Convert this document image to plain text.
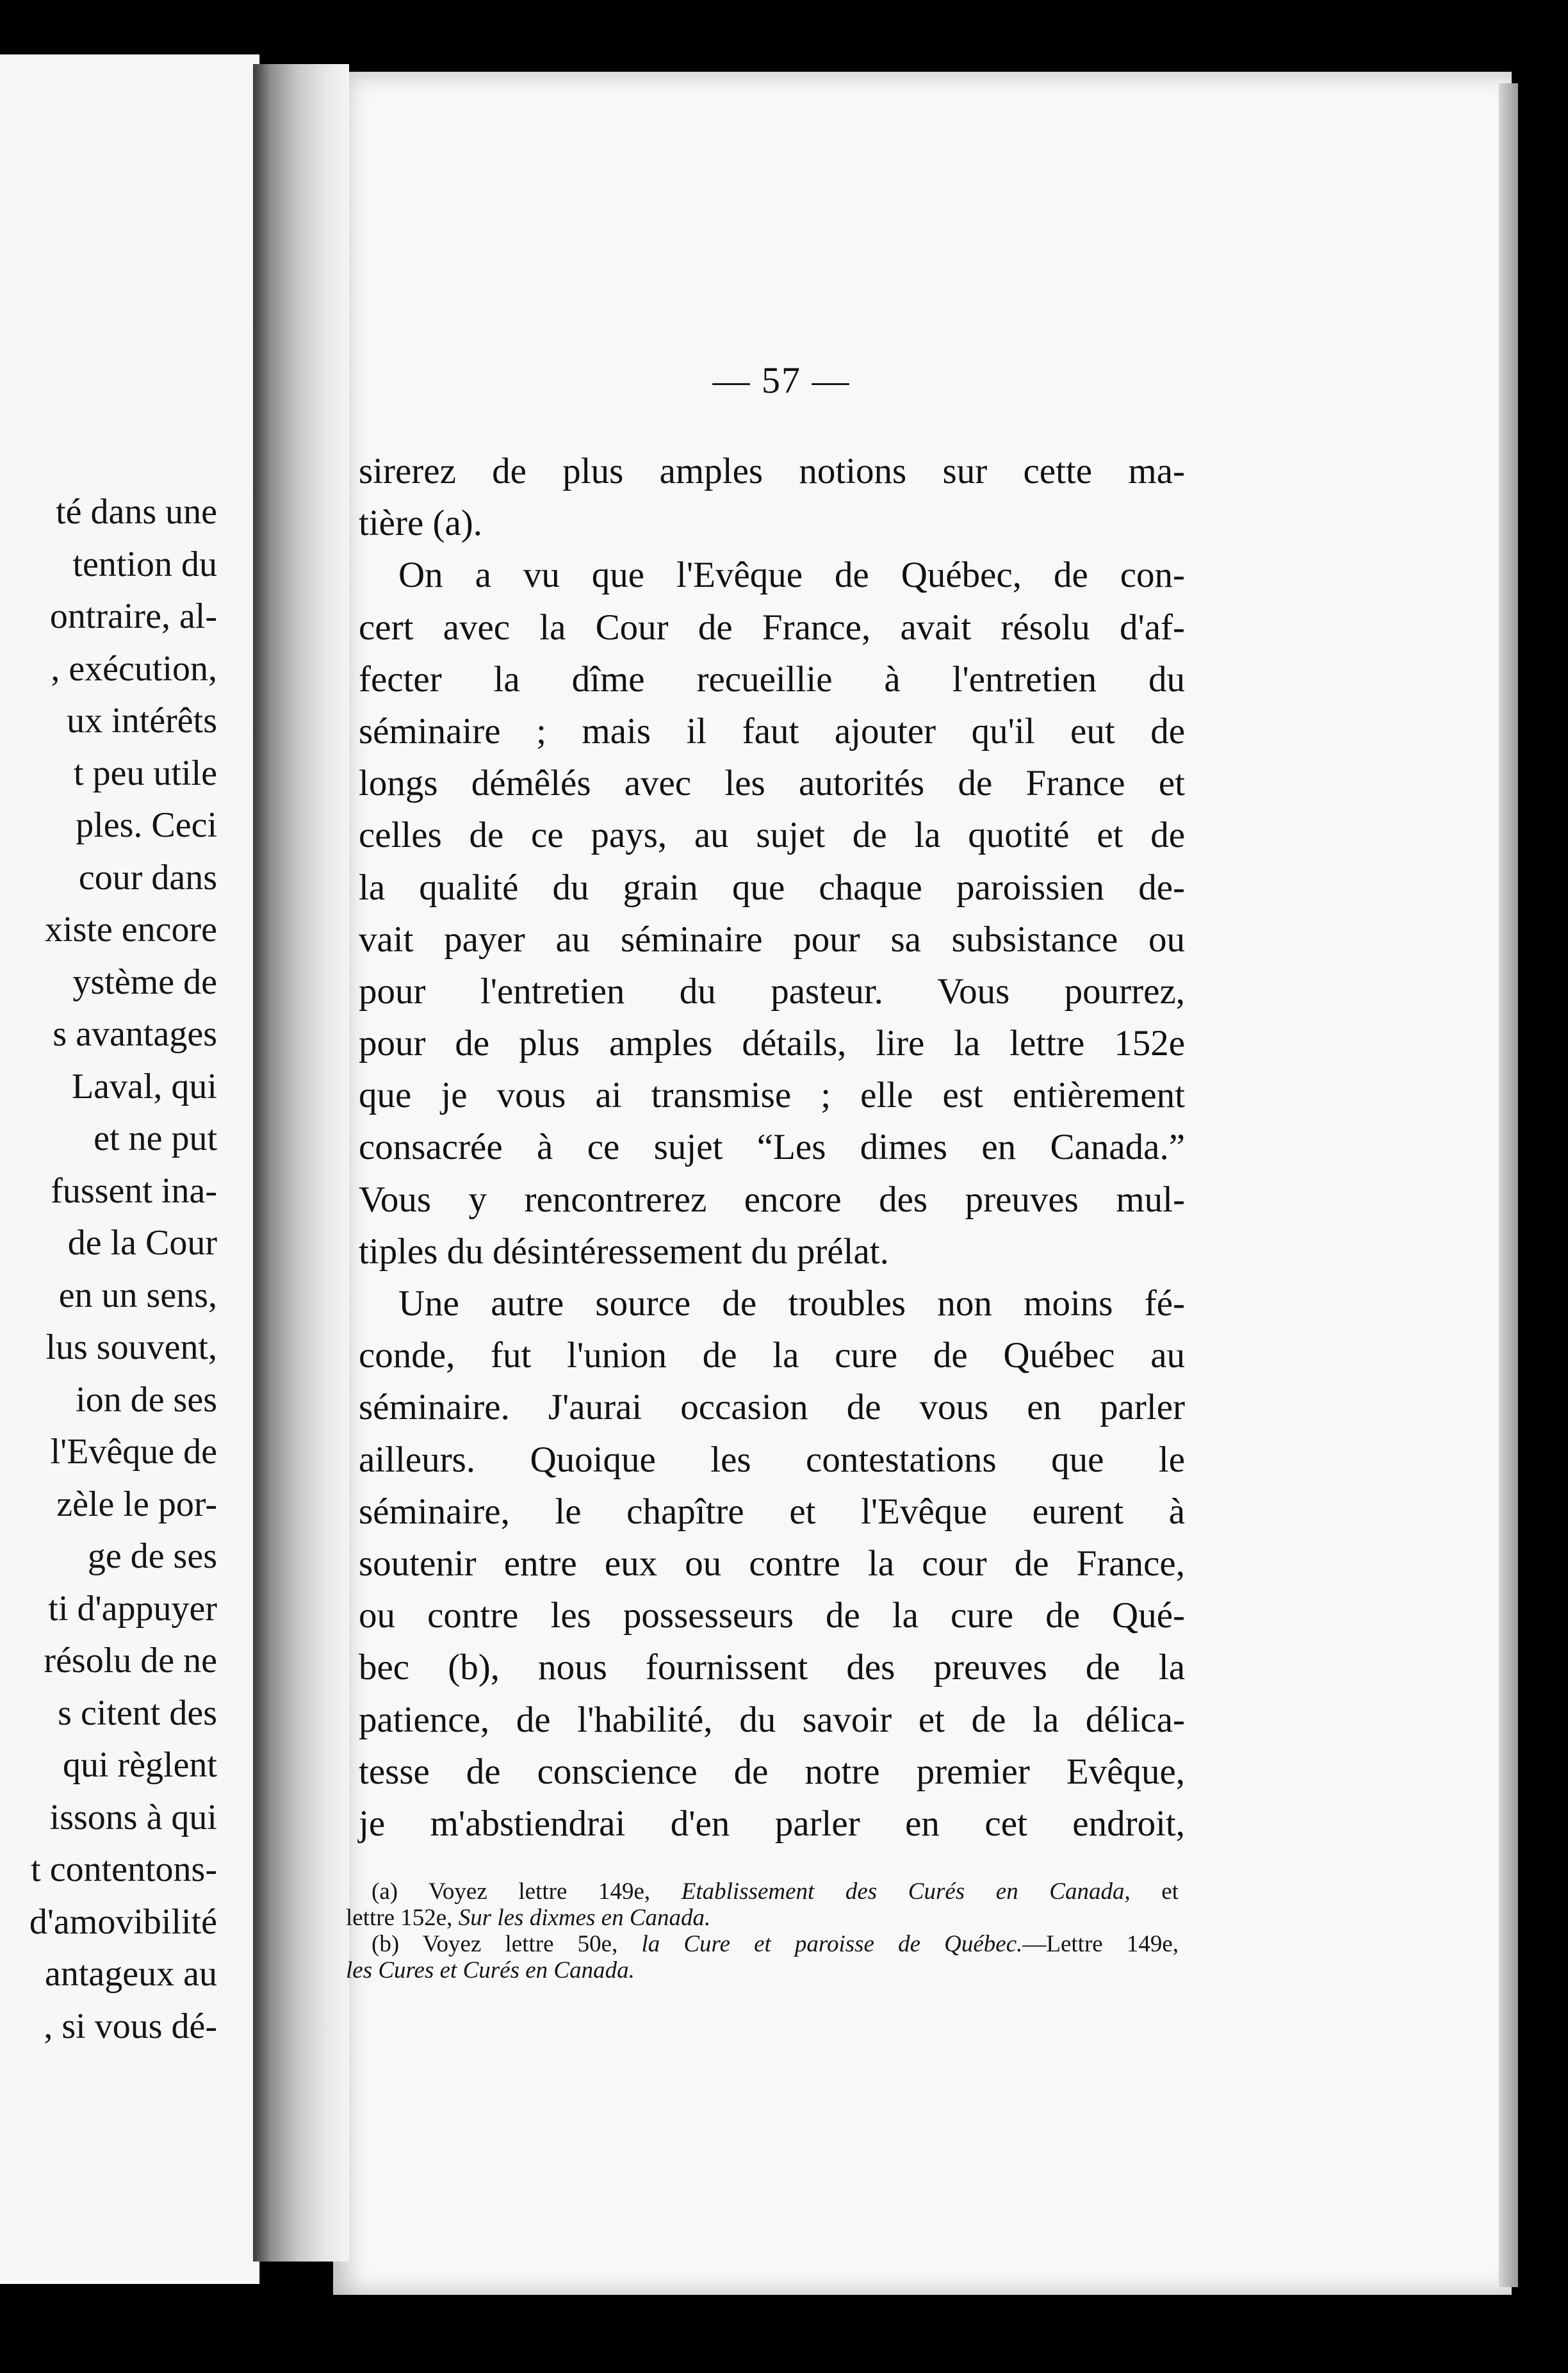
té dans une
tention du
ontraire, al-
, exécution,
ux intérêts
t peu utile
ples. Ceci
cour dans
xiste encore
ystème de
s avantages
Laval, qui
et ne put
fussent ina-
de la Cour
en un sens,
lus souvent,
ion de ses
l'Evêque de
zèle le por-
ge de ses
ti d'appuyer
résolu de ne
s citent des
qui règlent
issons à qui
t contentons-
d'amovibilité
antageux au
, si vous dé-
— 57 —
sirerez de plus amples notions sur cette ma-
tière (a).
On a vu que l'Evêque de Québec, de con-
cert avec la Cour de France, avait résolu d'af-
fecter la dîme recueillie à l'entretien du
séminaire ; mais il faut ajouter qu'il eut de
longs démêlés avec les autorités de France et
celles de ce pays, au sujet de la quotité et de
la qualité du grain que chaque paroissien de-
vait payer au séminaire pour sa subsistance ou
pour l'entretien du pasteur. Vous pourrez,
pour de plus amples détails, lire la lettre 152e
que je vous ai transmise ; elle est entièrement
consacrée à ce sujet “Les dimes en Canada.”
Vous y rencontrerez encore des preuves mul-
tiples du désintéressement du prélat.
Une autre source de troubles non moins fé-
conde, fut l'union de la cure de Québec au
séminaire. J'aurai occasion de vous en parler
ailleurs. Quoique les contestations que le
séminaire, le chapître et l'Evêque eurent à
soutenir entre eux ou contre la cour de France,
ou contre les possesseurs de la cure de Qué-
bec (b), nous fournissent des preuves de la
patience, de l'habilité, du savoir et de la délica-
tesse de conscience de notre premier Evêque,
je m'abstiendrai d'en parler en cet endroit,
(a) Voyez lettre 149e, Etablissement des Curés en Canada, et
lettre 152e, Sur les dixmes en Canada.
(b) Voyez lettre 50e, la Cure et paroisse de Québec.—Lettre 149e,
les Cures et Curés en Canada.
